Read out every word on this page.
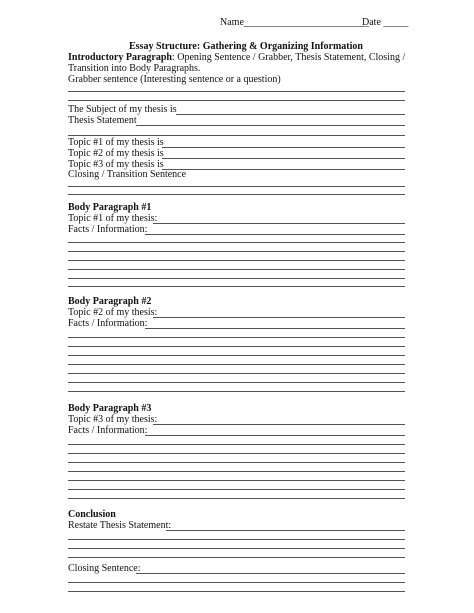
Name_________________________
Date _____
Essay Structure: Gathering & Organizing Information
Introductory Paragraph: Opening Sentence / Grabber, Thesis Statement, Closing /
Transition into Body Paragraphs.
Grabber sentence (Interesting sentence or a question)
The Subject of my thesis is
Thesis Statement
Topic #1 of my thesis is
Topic #2 of my thesis is
Topic #3 of my thesis is
Closing / Transition Sentence
Body Paragraph #1
Topic #1 of my thesis:
Facts / Information:
Body Paragraph #2
Topic #2 of my thesis:
Facts / Information:
Body Paragraph #3
Topic #3 of my thesis:
Facts / Information:
Conclusion
Restate Thesis Statement:
Closing Sentence:
